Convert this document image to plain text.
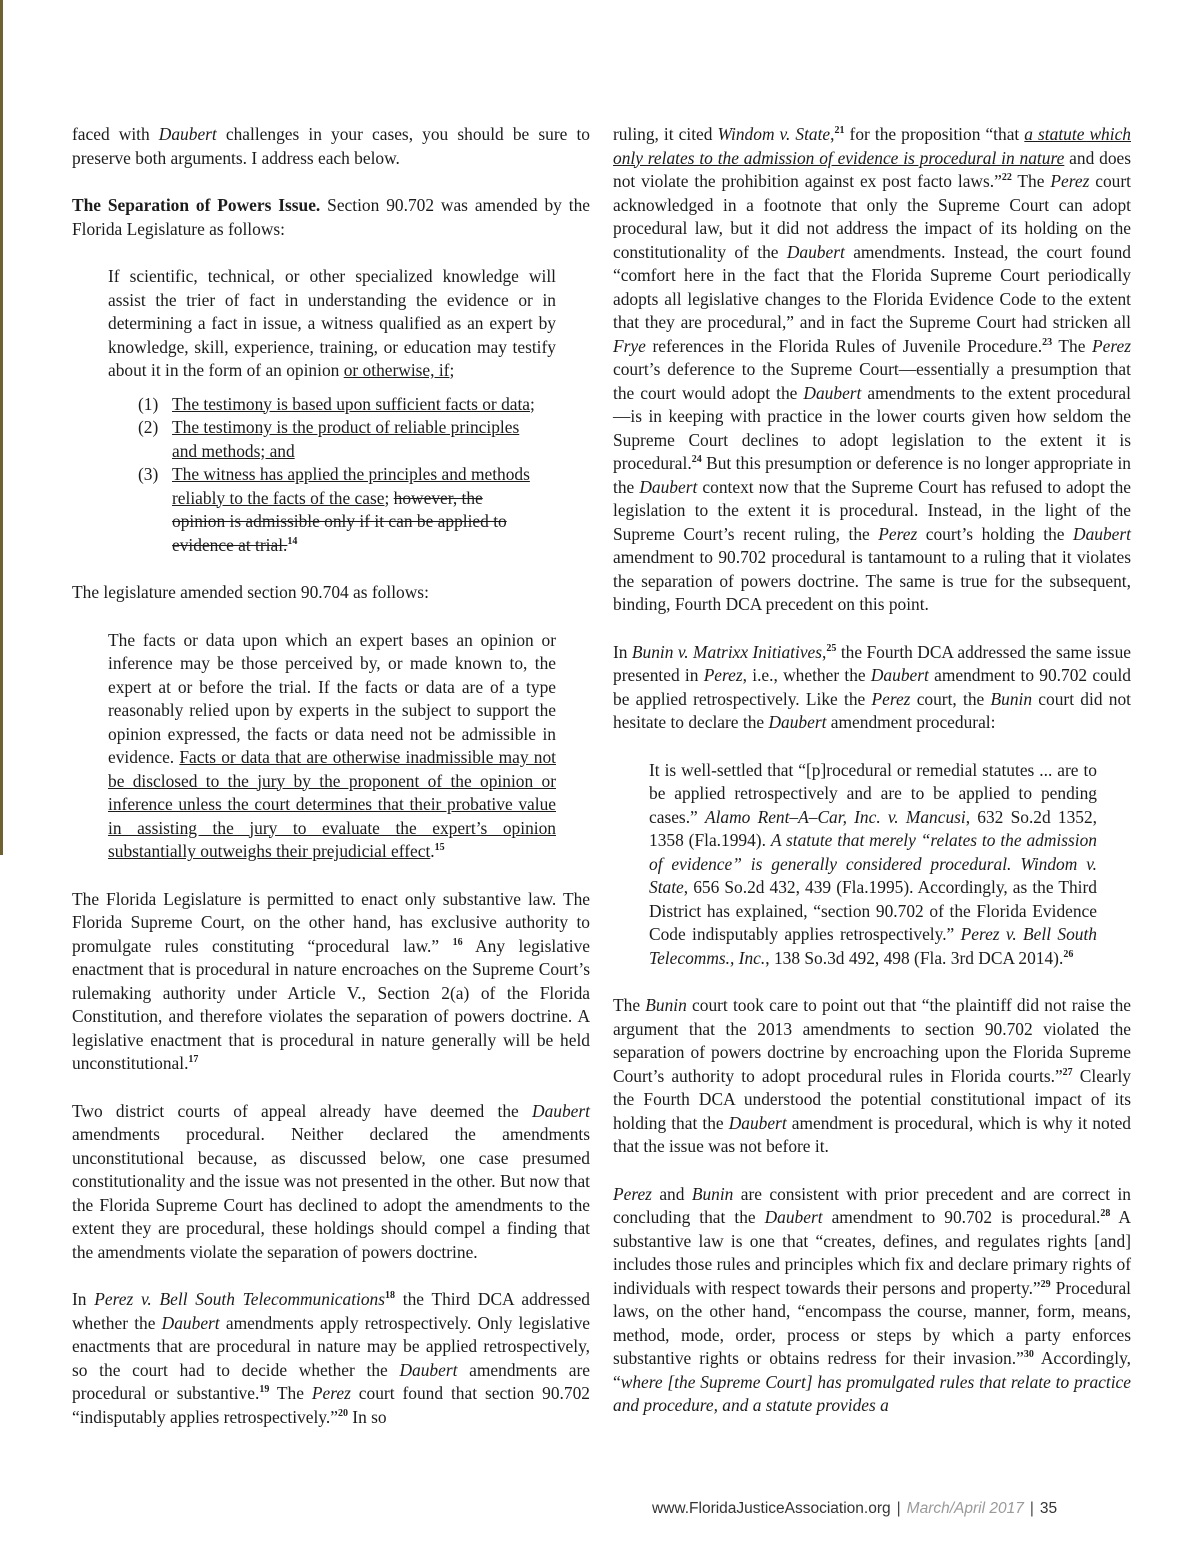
faced with Daubert challenges in your cases, you should be sure to preserve both arguments. I address each below.

The Separation of Powers Issue. Section 90.702 was amended by the Florida Legislature as follows:

If scientific, technical, or other specialized knowledge will assist the trier of fact in understanding the evidence or in determining a fact in issue, a witness qualified as an expert by knowledge, skill, experience, training, or education may testify about it in the form of an opinion or otherwise, if;

(1) The testimony is based upon sufficient facts or data;
(2) The testimony is the product of reliable principles and methods; and
(3) The witness has applied the principles and methods reliably to the facts of the case; however, the opinion is admissible only if it can be applied to evidence at trial.$^{14}$

The legislature amended section 90.704 as follows:

The facts or data upon which an expert bases an opinion or inference may be those perceived by, or made known to, the expert at or before the trial. If the facts or data are of a type reasonably relied upon by experts in the subject to support the opinion expressed, the facts or data need not be admissible in evidence. Facts or data that are otherwise inadmissible may not be disclosed to the jury by the proponent of the opinion or inference unless the court determines that their probative value in assisting the jury to evaluate the expert’s opinion substantially outweighs their prejudicial effect.$^{15}$

The Florida Legislature is permitted to enact only substantive law. The Florida Supreme Court, on the other hand, has exclusive authority to promulgate rules constituting “procedural law.” $^{16}$ Any legislative enactment that is procedural in nature encroaches on the Supreme Court’s rulemaking authority under Article V., Section 2(a) of the Florida Constitution, and therefore violates the separation of powers doctrine. A legislative enactment that is procedural in nature generally will be held unconstitutional.$^{17}$

Two district courts of appeal already have deemed the Daubert amendments procedural. Neither declared the amendments unconstitutional because, as discussed below, one case presumed constitutionality and the issue was not presented in the other. But now that the Florida Supreme Court has declined to adopt the amendments to the extent they are procedural, these holdings should compel a finding that the amendments violate the separation of powers doctrine.

In Perez v. Bell South Telecommunications$^{18}$ the Third DCA addressed whether the Daubert amendments apply retrospectively. Only legislative enactments that are procedural in nature may be applied retrospectively, so the court had to decide whether the Daubert amendments are procedural or substantive.$^{19}$ The Perez court found that section 90.702 “indisputably applies retrospectively.”$^{20}$ In so

ruling, it cited Windom v. State,$^{21}$ for the proposition “that a statute which only relates to the admission of evidence is procedural in nature and does not violate the prohibition against ex post facto laws.”$^{22}$ The Perez court acknowledged in a footnote that only the Supreme Court can adopt procedural law, but it did not address the impact of its holding on the constitutionality of the Daubert amendments. Instead, the court found “comfort here in the fact that the Florida Supreme Court periodically adopts all legislative changes to the Florida Evidence Code to the extent that they are procedural,” and in fact the Supreme Court had stricken all Frye references in the Florida Rules of Juvenile Procedure.$^{23}$ The Perez court’s deference to the Supreme Court—essentially a presumption that the court would adopt the Daubert amendments to the extent procedural—is in keeping with practice in the lower courts given how seldom the Supreme Court declines to adopt legislation to the extent it is procedural.$^{24}$ But this presumption or deference is no longer appropriate in the Daubert context now that the Supreme Court has refused to adopt the legislation to the extent it is procedural. Instead, in the light of the Supreme Court’s recent ruling, the Perez court’s holding the Daubert amendment to 90.702 procedural is tantamount to a ruling that it violates the separation of powers doctrine. The same is true for the subsequent, binding, Fourth DCA precedent on this point.

In Bunin v. Matrixx Initiatives,$^{25}$ the Fourth DCA addressed the same issue presented in Perez, i.e., whether the Daubert amendment to 90.702 could be applied retrospectively. Like the Perez court, the Bunin court did not hesitate to declare the Daubert amendment procedural:

It is well-settled that “[p]rocedural or remedial statutes ... are to be applied retrospectively and are to be applied to pending cases.” Alamo Rent–A–Car, Inc. v. Mancusi, 632 So.2d 1352, 1358 (Fla.1994). A statute that merely “relates to the admission of evidence” is generally considered procedural. Windom v. State, 656 So.2d 432, 439 (Fla.1995). Accordingly, as the Third District has explained, “section 90.702 of the Florida Evidence Code indisputably applies retrospectively.” Perez v. Bell South Telecomms., Inc., 138 So.3d 492, 498 (Fla. 3rd DCA 2014).$^{26}$

The Bunin court took care to point out that “the plaintiff did not raise the argument that the 2013 amendments to section 90.702 violated the separation of powers doctrine by encroaching upon the Florida Supreme Court’s authority to adopt procedural rules in Florida courts.”$^{27}$ Clearly the Fourth DCA understood the potential constitutional impact of its holding that the Daubert amendment is procedural, which is why it noted that the issue was not before it.

Perez and Bunin are consistent with prior precedent and are correct in concluding that the Daubert amendment to 90.702 is procedural.$^{28}$ A substantive law is one that “creates, defines, and regulates rights [and] includes those rules and principles which fix and declare primary rights of individuals with respect towards their persons and property.”$^{29}$ Procedural laws, on the other hand, “encompass the course, manner, form, means, method, mode, order, process or steps by which a party enforces substantive rights or obtains redress for their invasion.”$^{30}$ Accordingly, “where [the Supreme Court] has promulgated rules that relate to practice and procedure, and a statute provides a

www.FloridaJusticeAssociation.org | March/April 2017 | 35
